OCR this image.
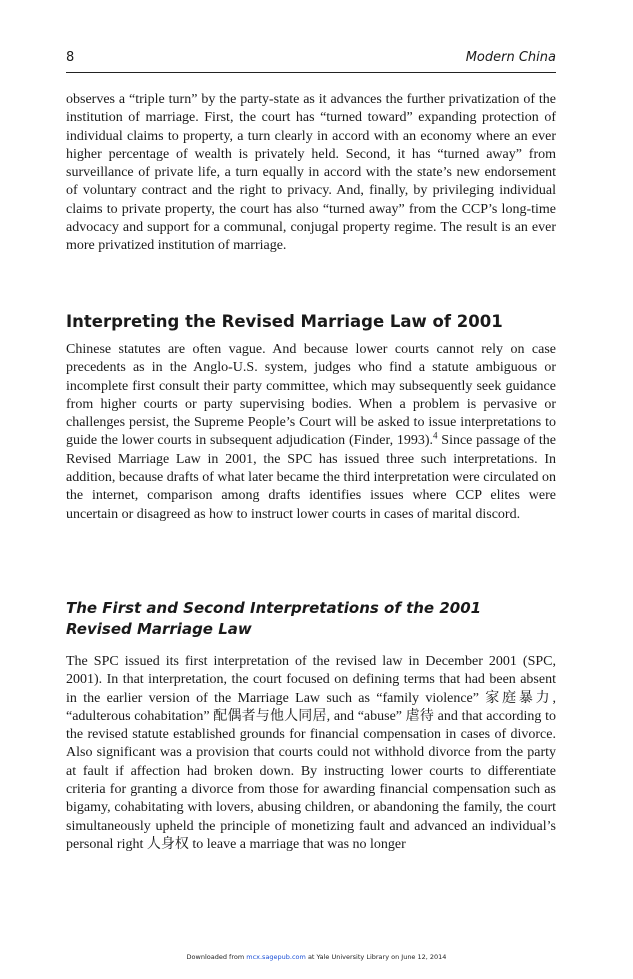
8	Modern China

observes a “triple turn” by the party-state as it advances the further privatization of the institution of marriage. First, the court has “turned toward” expanding protection of individual claims to property, a turn clearly in accord with an economy where an ever higher percentage of wealth is privately held. Second, it has “turned away” from surveillance of private life, a turn equally in accord with the state’s new endorsement of voluntary contract and the right to privacy. And, finally, by privileging individual claims to private property, the court has also “turned away” from the CCP’s long-time advocacy and support for a communal, conjugal property regime. The result is an ever more privatized institution of marriage.

Interpreting the Revised Marriage Law of 2001

Chinese statutes are often vague. And because lower courts cannot rely on case precedents as in the Anglo-U.S. system, judges who find a statute ambiguous or incomplete first consult their party committee, which may subsequently seek guidance from higher courts or party supervising bodies. When a problem is pervasive or challenges persist, the Supreme People’s Court will be asked to issue interpretations to guide the lower courts in subsequent adjudication (Finder, 1993).$^4$ Since passage of the Revised Marriage Law in 2001, the SPC has issued three such interpretations. In addition, because drafts of what later became the third interpretation were circulated on the internet, comparison among drafts identifies issues where CCP elites were uncertain or disagreed as how to instruct lower courts in cases of marital discord.

The First and Second Interpretations of the 2001 Revised Marriage Law

The SPC issued its first interpretation of the revised law in December 2001 (SPC, 2001). In that interpretation, the court focused on defining terms that had been absent in the earlier version of the Marriage Law such as “family violence” 家庭暴力, “adulterous cohabitation” 配偶者与他人同居, and “abuse” 虐待 and that according to the revised statute established grounds for financial compensation in cases of divorce. Also significant was a provision that courts could not withhold divorce from the party at fault if affection had broken down. By instructing lower courts to differentiate criteria for granting a divorce from those for awarding financial compensation such as bigamy, cohabitating with lovers, abusing children, or abandoning the family, the court simultaneously upheld the principle of monetizing fault and advanced an individual’s personal right 人身权 to leave a marriage that was no longer

Downloaded from mcx.sagepub.com at Yale University Library on June 12, 2014
